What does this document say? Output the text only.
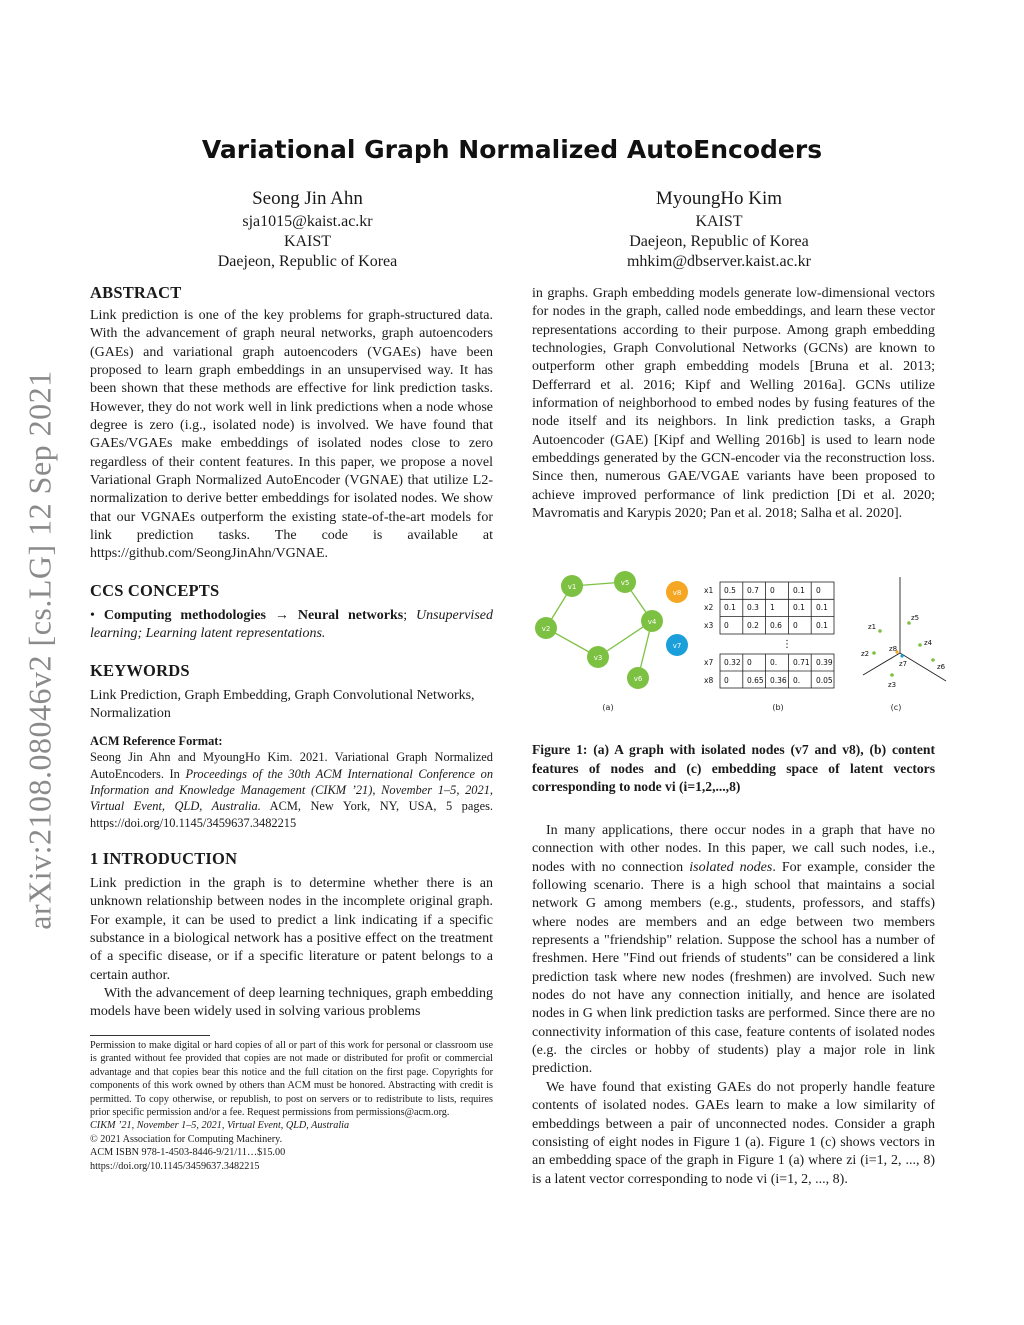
arXiv:2108.08046v2 [cs.LG] 12 Sep 2021
Variational Graph Normalized AutoEncoders
Seong Jin Ahn
sja1015@kaist.ac.kr
KAIST
Daejeon, Republic of Korea
MyoungHo Kim
KAIST
Daejeon, Republic of Korea
mhkim@dbserver.kaist.ac.kr
ABSTRACT

Link prediction is one of the key problems for graph-structured data. With the advancement of graph neural networks, graph autoencoders (GAEs) and variational graph autoencoders (VGAEs) have been proposed to learn graph embeddings in an unsupervised way. It has been shown that these methods are effective for link prediction tasks. However, they do not work well in link predictions when a node whose degree is zero (i.g., isolated node) is involved. We have found that GAEs/VGAEs make embeddings of isolated nodes close to zero regardless of their content features. In this paper, we propose a novel Variational Graph Normalized AutoEncoder (VGNAE) that utilize L2-normalization to derive better embeddings for isolated nodes. We show that our VGNAEs outperform the existing state-of-the-art models for link prediction tasks. The code is available at https://github.com/SeongJinAhn/VGNAE.

CCS CONCEPTS

• Computing methodologies → Neural networks; Unsupervised learning; Learning latent representations.

KEYWORDS

Link Prediction, Graph Embedding, Graph Convolutional Networks, Normalization

ACM Reference Format:

Seong Jin Ahn and MyoungHo Kim. 2021. Variational Graph Normalized AutoEncoders. In Proceedings of the 30th ACM International Conference on Information and Knowledge Management (CIKM ’21), November 1–5, 2021, Virtual Event, QLD, Australia. ACM, New York, NY, USA, 5 pages. https://doi.org/10.1145/3459637.3482215

1 INTRODUCTION

Link prediction in the graph is to determine whether there is an unknown relationship between nodes in the incomplete original graph. For example, it can be used to predict a link indicating if a specific substance in a biological network has a positive effect on the treatment of a specific disease, or if a specific literature or patent belongs to a certain author.

With the advancement of deep learning techniques, graph embedding models have been widely used in solving various problems

Permission to make digital or hard copies of all or part of this work for personal or classroom use is granted without fee provided that copies are not made or distributed for profit or commercial advantage and that copies bear this notice and the full citation on the first page. Copyrights for components of this work owned by others than ACM must be honored. Abstracting with credit is permitted. To copy otherwise, or republish, to post on servers or to redistribute to lists, requires prior specific permission and/or a fee. Request permissions from permissions@acm.org.

CIKM ’21, November 1–5, 2021, Virtual Event, QLD, Australia

© 2021 Association for Computing Machinery.

ACM ISBN 978-1-4503-8446-9/21/11…$15.00

https://doi.org/10.1145/3459637.3482215

in graphs. Graph embedding models generate low-dimensional vectors for nodes in the graph, called node embeddings, and learn these vector representations according to their purpose. Among graph embedding technologies, Graph Convolutional Networks (GCNs) are known to outperform other graph embedding models [Bruna et al. 2013; Defferrard et al. 2016; Kipf and Welling 2016a]. GCNs utilize information of neighborhood to embed nodes by fusing features of the node itself and its neighbors. In link prediction tasks, a Graph Autoencoder (GAE) [Kipf and Welling 2016b] is used to learn node embeddings generated by the GCN-encoder via the reconstruction loss. Since then, numerous GAE/VGAE variants have been proposed to achieve improved performance of link prediction [Di et al. 2020; Mavromatis and Karypis 2020; Pan et al. 2018; Salha et al. 2020].

v1	v5
v2
v4
v3
v6
v8
v7
(a)
x1
x2
x3
x7
x8
0.5 0.7 0 0.1 0
0.1 0.3 1 0.1 0.1
0 0.2 0.6 0 0.1
0.32 0 0. 0.71 0.39
0 0.65 0.36 0. 0.05
⋮
(b)
z1
z2
z3
z4
z5
z6
z7
z8
(c)
Figure 1: (a) A graph with isolated nodes (v7 and v8), (b) content features of nodes and (c) embedding space of latent vectors corresponding to node vi (i=1,2,...,8)

In many applications, there occur nodes in a graph that have no connection with other nodes. In this paper, we call such nodes, i.e., nodes with no connection isolated nodes. For example, consider the following scenario. There is a high school that maintains a social network G among members (e.g., students, professors, and staffs) where nodes are members and an edge between two members represents a "friendship" relation. Suppose the school has a number of freshmen. Here "Find out friends of students" can be considered a link prediction task where new nodes (freshmen) are involved. Such new nodes do not have any connection initially, and hence are isolated nodes in G when link prediction tasks are performed. Since there are no connectivity information of this case, feature contents of isolated nodes (e.g. the circles or hobby of students) play a major role in link prediction.

We have found that existing GAEs do not properly handle feature contents of isolated nodes. GAEs learn to make a low similarity of embeddings between a pair of unconnected nodes. Consider a graph consisting of eight nodes in Figure 1 (a). Figure 1 (c) shows vectors in an embedding space of the graph in Figure 1 (a) where zi (i=1, 2, ..., 8) is a latent vector corresponding to node vi (i=1, 2, ..., 8).
